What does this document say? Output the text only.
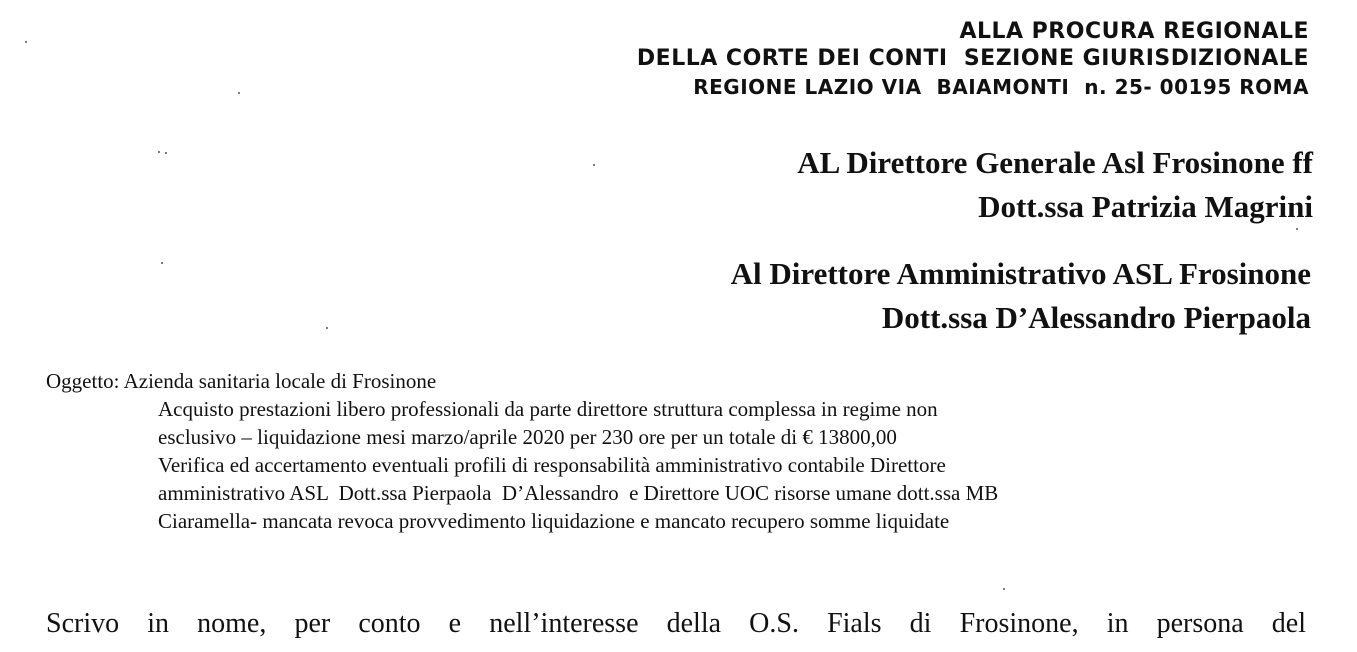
ALLA PROCURA REGIONALE
DELLA CORTE DEI CONTI  SEZIONE GIURISDIZIONALE
REGIONE LAZIO VIA  BAIAMONTI  n. 25- 00195 ROMA
AL Direttore Generale Asl Frosinone ff
Dott.ssa Patrizia Magrini
Al Direttore Amministrativo ASL Frosinone
Dott.ssa D’Alessandro Pierpaola
Oggetto: Azienda sanitaria locale di Frosinone
Acquisto prestazioni libero professionali da parte direttore struttura complessa in regime non
esclusivo – liquidazione mesi marzo/aprile 2020 per 230 ore per un totale di € 13800,00
Verifica ed accertamento eventuali profili di responsabilità amministrativo contabile Direttore
amministrativo ASL  Dott.ssa Pierpaola  D’Alessandro  e Direttore UOC risorse umane dott.ssa MB
Ciaramella- mancata revoca provvedimento liquidazione e mancato recupero somme liquidate
Scrivo in nome, per conto e nell’interesse della O.S. Fials di Frosinone, in persona del
